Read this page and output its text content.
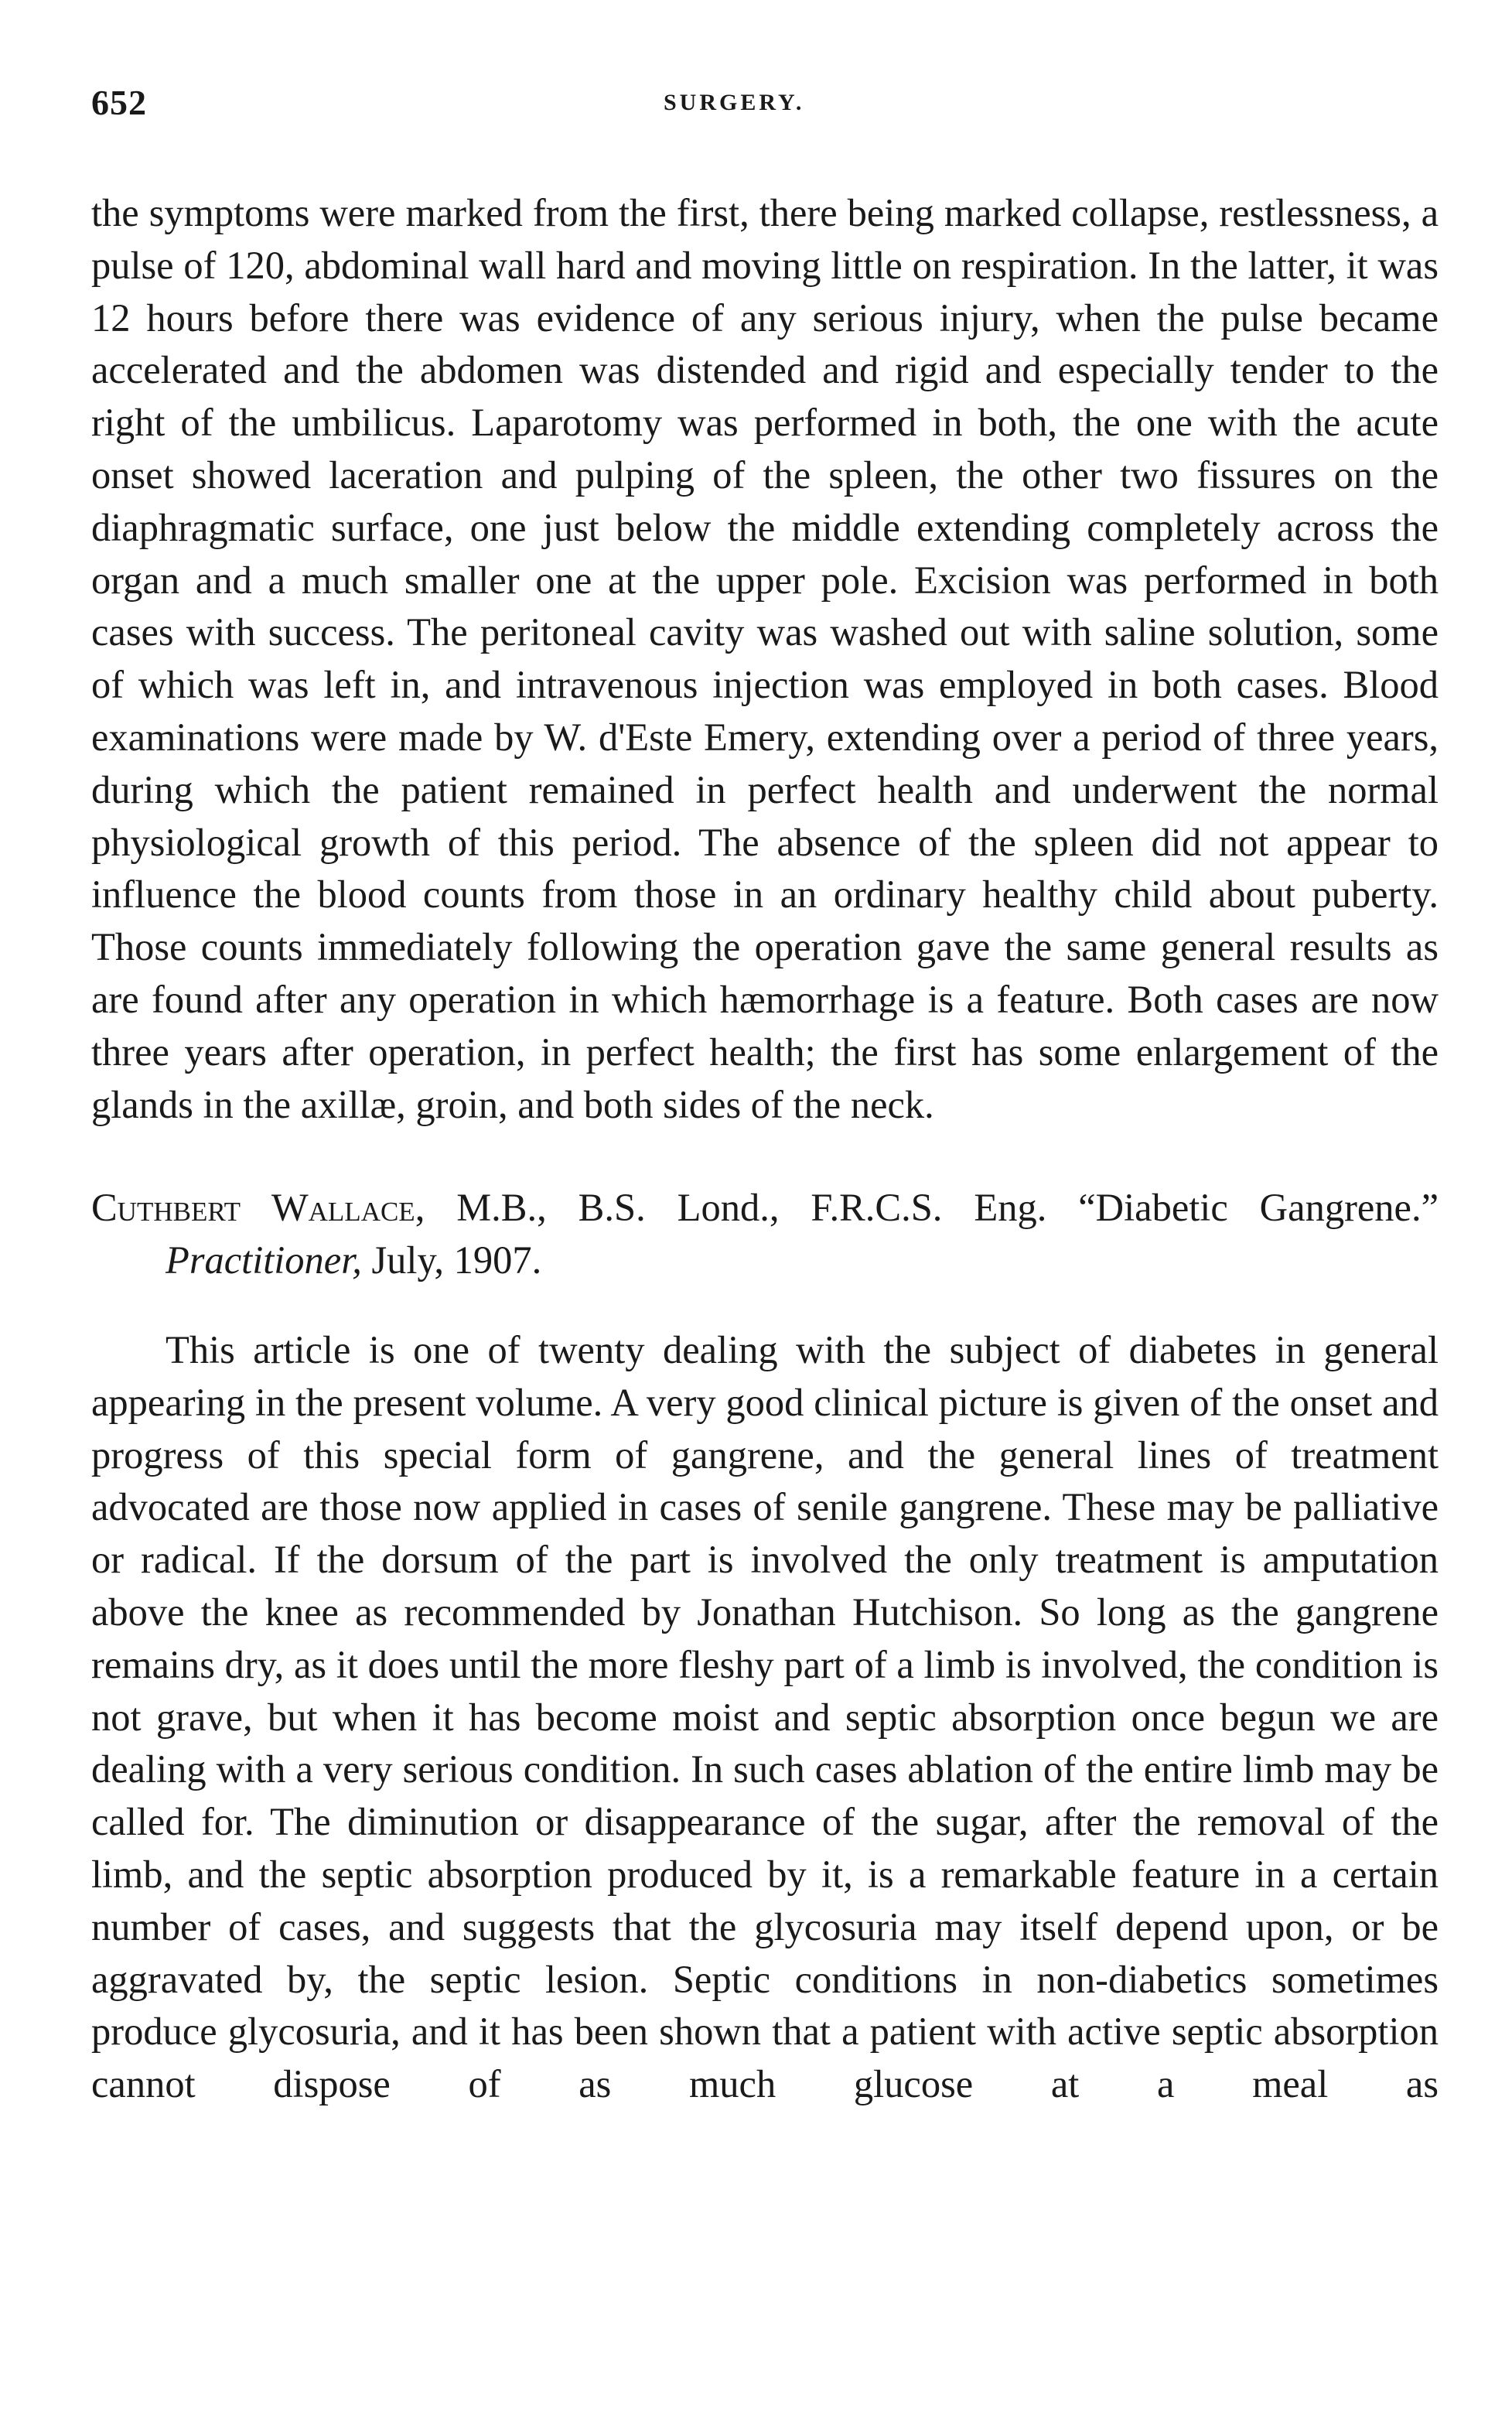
652	SURGERY.

the symptoms were marked from the first, there being marked collapse, restlessness, a pulse of 120, abdominal wall hard and moving little on respiration. In the latter, it was 12 hours before there was evidence of any serious injury, when the pulse became accelerated and the abdomen was distended and rigid and especially tender to the right of the umbilicus. Laparotomy was performed in both, the one with the acute onset showed laceration and pulping of the spleen, the other two fissures on the diaphragmatic surface, one just below the middle extending completely across the organ and a much smaller one at the upper pole. Excision was performed in both cases with success. The peritoneal cavity was washed out with saline solution, some of which was left in, and intravenous injection was employed in both cases. Blood examinations were made by W. d'Este Emery, extending over a period of three years, during which the patient remained in perfect health and underwent the normal physiological growth of this period. The absence of the spleen did not appear to influence the blood counts from those in an ordinary healthy child about puberty. Those counts immediately following the operation gave the same general results as are found after any operation in which hæmorrhage is a feature. Both cases are now three years after operation, in perfect health; the first has some enlargement of the glands in the axillæ, groin, and both sides of the neck.

Cuthbert Wallace, M.B., B.S. Lond., F.R.C.S. Eng. “Diabetic Gangrene.” Practitioner, July, 1907.

This article is one of twenty dealing with the subject of diabetes in general appearing in the present volume. A very good clinical picture is given of the onset and progress of this special form of gangrene, and the general lines of treatment advocated are those now applied in cases of senile gangrene. These may be palliative or radical. If the dorsum of the part is involved the only treatment is amputation above the knee as recommended by Jonathan Hutchison. So long as the gangrene remains dry, as it does until the more fleshy part of a limb is involved, the condition is not grave, but when it has become moist and septic absorption once begun we are dealing with a very serious condition. In such cases ablation of the entire limb may be called for. The diminution or disappearance of the sugar, after the removal of the limb, and the septic absorption produced by it, is a remarkable feature in a certain number of cases, and suggests that the glycosuria may itself depend upon, or be aggravated by, the septic lesion. Septic conditions in non-diabetics sometimes produce glycosuria, and it has been shown that a patient with active septic absorption cannot dispose of as much glucose at a meal as
